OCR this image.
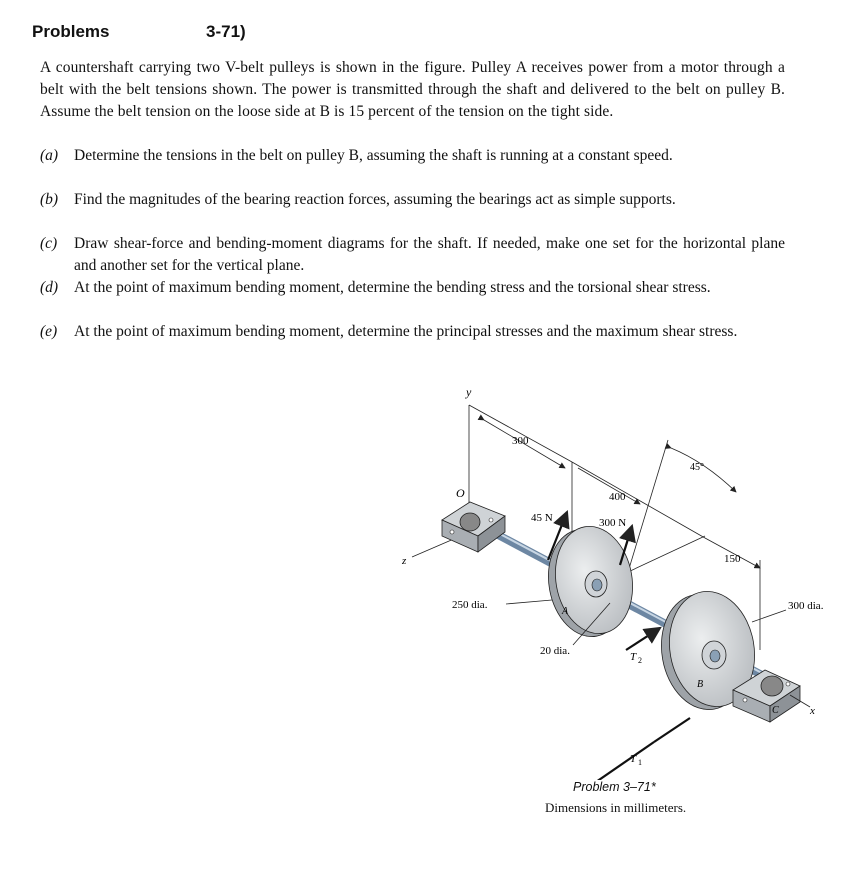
Problems	3-71)
A countershaft carrying two V-belt pulleys is shown in the figure. Pulley A receives power from a motor through a belt with the belt tensions shown. The power is transmitted through the shaft and delivered to the belt on pulley B. Assume the belt tension on the loose side at B is 15 percent of the tension on the tight side.
(a) Determine the tensions in the belt on pulley B, assuming the shaft is running at a constant speed.
(b) Find the magnitudes of the bearing reaction forces, assuming the bearings act as simple supports.
(c) Draw shear-force and bending-moment diagrams for the shaft. If needed, make one set for the horizontal plane and another set for the vertical plane.
(d) At the point of maximum bending moment, determine the bending stress and the torsional shear stress.
(e) At the point of maximum bending moment, determine the principal stresses and the maximum shear stress.
y
O
z
300
400
45°
150
A
45 N	300 N
250 dia.
20 dia.
B
300 dia.
T 2
T 1
C	x
Problem 3–71*
Dimensions in millimeters.
